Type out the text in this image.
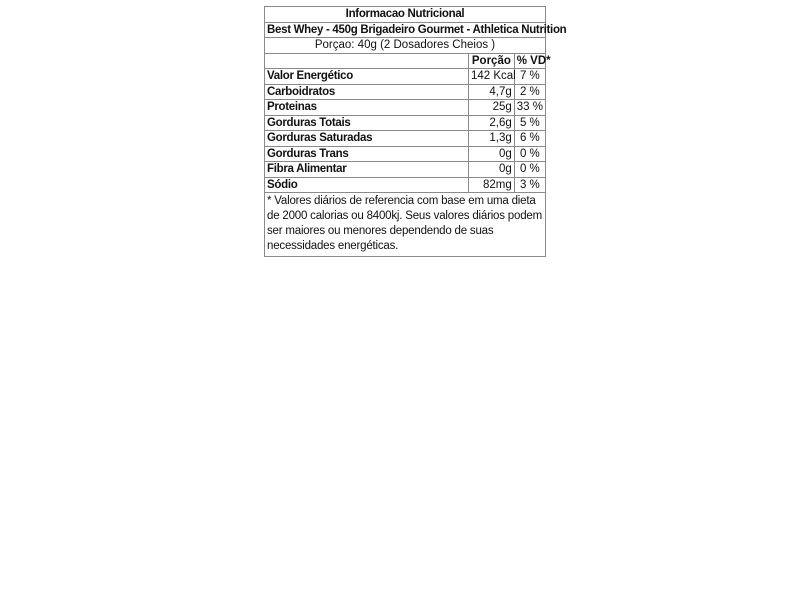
Informacao Nutricional		
Best Whey - 450g Brigadeiro Gourmet - Athletica Nutrition		
Porçao: 40g (2 Dosadores Cheios )		
	Porção	% VD*
Valor Energético	142 Kcal	7 %
Carboidratos	4,7g	2 %
Proteinas	25g	33 %
Gorduras Totais	2,6g	5 %
Gorduras Saturadas	1,3g	6 %
Gorduras Trans	0g	0 %
Fibra Alimentar	0g	0 %
Sódio	82mg	3 %
* Valores diários de referencia com base em uma dieta de 2000 calorias ou 8400kj. Seus valores diários podem ser maiores ou menores dependendo de suas necessidades energéticas.		
